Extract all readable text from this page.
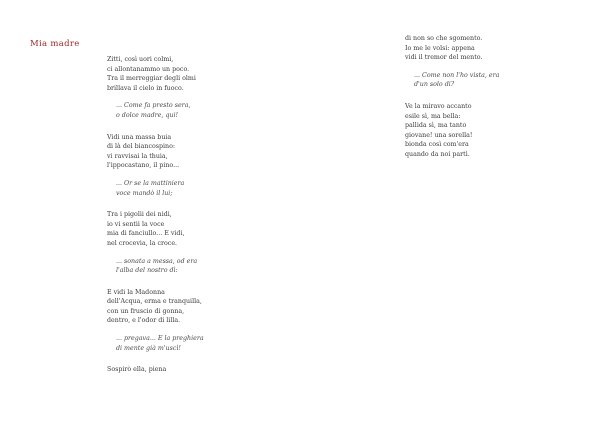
Mia madre
Zitti, così uori colmi,
ci allontanammo un poco.
Tra il merreggiar degli olmi
brillava il cielo in fuoco.
... Come fa presto sera,
o dolce madre, qui!
Vidi una massa buia
di là del biancospino:
vi ravvisai la thuia,
l'ippocastano, il pino...
... Or se la mattiniera
voce mandò il lui;
Tra i pigolii dei nidi,
io vi sentii la voce
mia di fanciullo... E vidi,
nel crocevia, la croce.
... sonata a messa, od era
l'alba del nostro dì:
E vidi la Madonna
dell'Acqua, erma e tranquilla,
con un fruscio di gonna,
dentro, e l'odor di lilla.
... pregava... E la preghiera
di mente già m'uscì!
Sospirò ella, piena
di non so che sgomento.
Io me le volsi: appena
vidi il tremor del mento.
... Come non l'ho vista, era
d'un solo di?
Ve la miravo accanto
esile sì, ma bella:
pallida sì, ma tanto
giovane! una sorella!
bionda così com'era
quando da noi partì.
